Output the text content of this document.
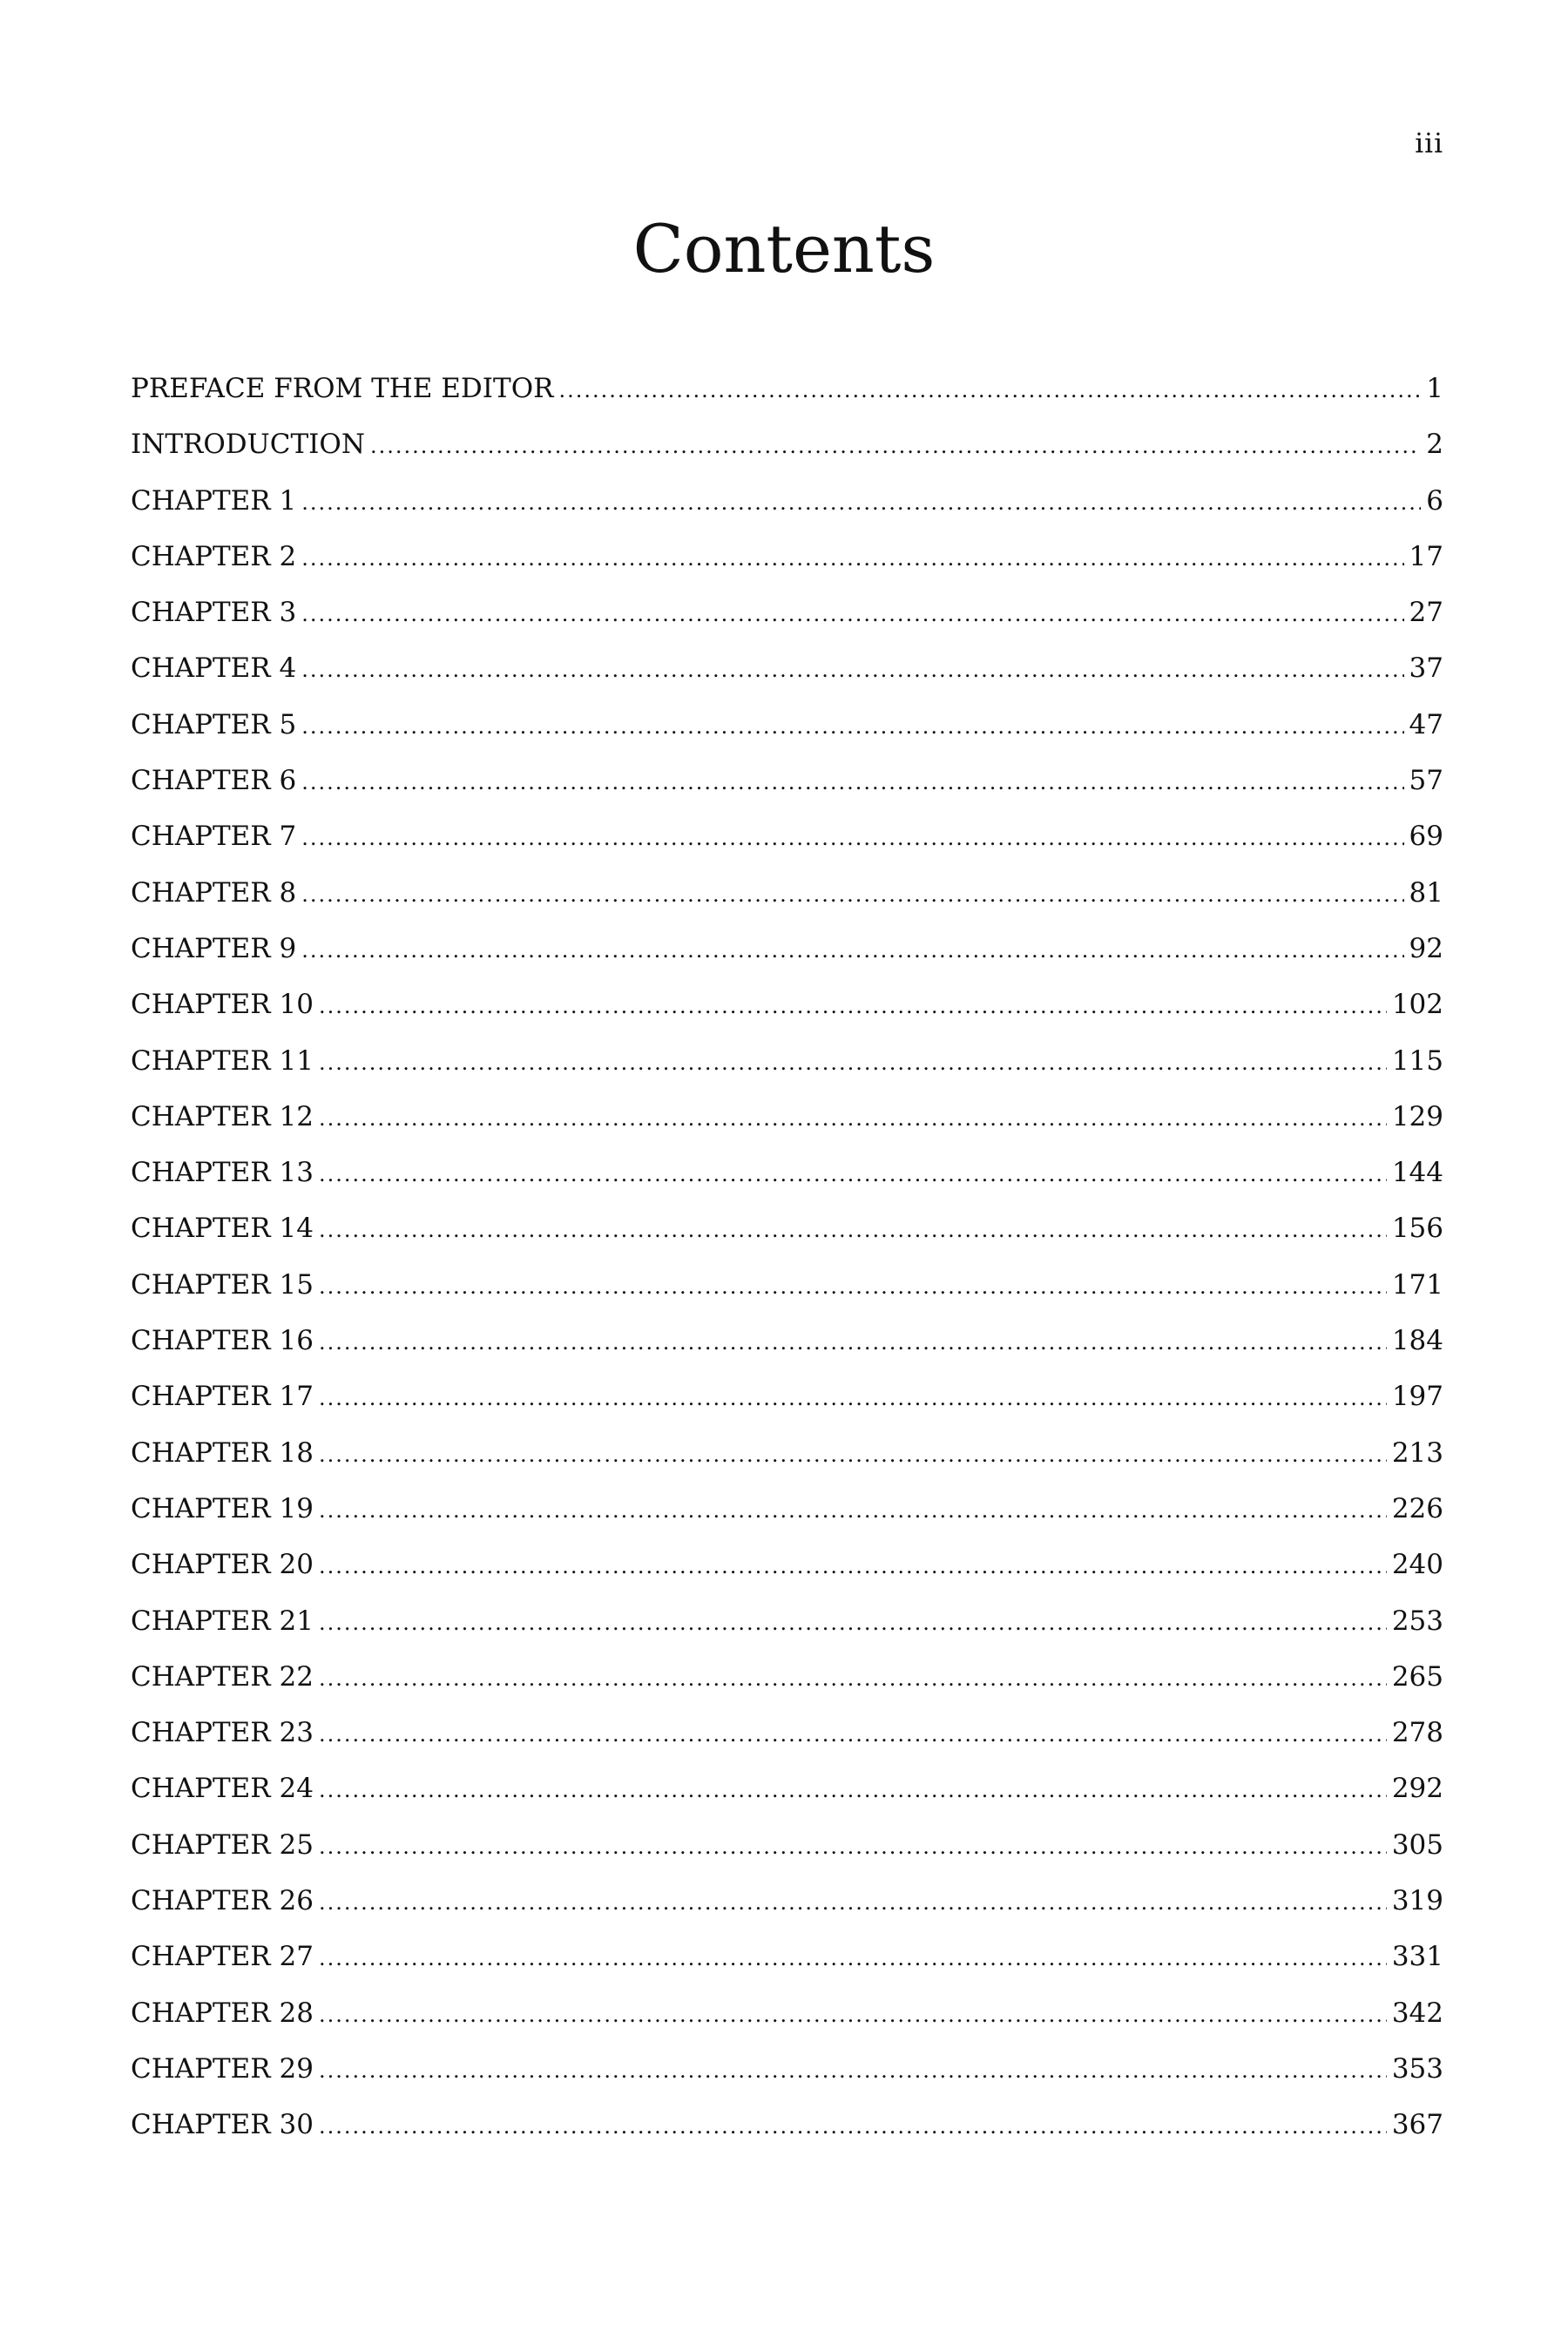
iii
Contents
PREFACE FROM THE EDITOR .....	1
INTRODUCTION .....	2
CHAPTER 1 .....	6
CHAPTER 2 .....	17
CHAPTER 3 .....	27
CHAPTER 4 .....	37
CHAPTER 5 .....	47
CHAPTER 6 .....	57
CHAPTER 7 .....	69
CHAPTER 8 .....	81
CHAPTER 9 .....	92
CHAPTER 10 .....	102
CHAPTER 11 .....	115
CHAPTER 12 .....	129
CHAPTER 13 .....	144
CHAPTER 14 .....	156
CHAPTER 15 .....	171
CHAPTER 16 .....	184
CHAPTER 17 .....	197
CHAPTER 18 .....	213
CHAPTER 19 .....	226
CHAPTER 20 .....	240
CHAPTER 21 .....	253
CHAPTER 22 .....	265
CHAPTER 23 .....	278
CHAPTER 24 .....	292
CHAPTER 25 .....	305
CHAPTER 26 .....	319
CHAPTER 27 .....	331
CHAPTER 28 .....	342
CHAPTER 29 .....	353
CHAPTER 30 .....	367
